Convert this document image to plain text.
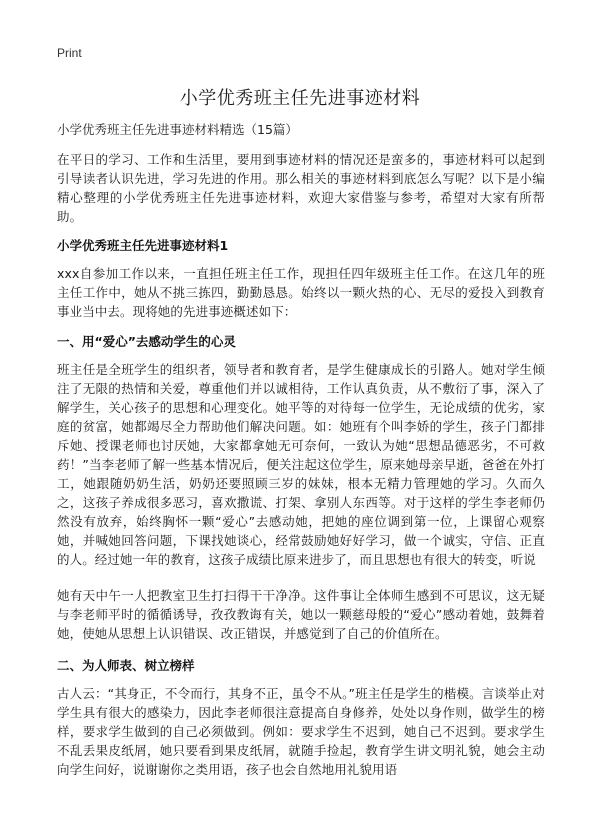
Print
小学优秀班主任先进事迹材料
小学优秀班主任先进事迹材料精选（15篇）
在平日的学习、工作和生活里，要用到事迹材料的情况还是蛮多的，事迹材料可以起到引导读者认识先进，学习先进的作用。那么相关的事迹材料到底怎么写呢？以下是小编精心整理的小学优秀班主任先进事迹材料，欢迎大家借鉴与参考，希望对大家有所帮助。
小学优秀班主任先进事迹材料1
xxx自参加工作以来，一直担任班主任工作，现担任四年级班主任工作。在这几年的班主任工作中，她从不挑三拣四，勤勤恳恳。始终以一颗火热的心、无尽的爱投入到教育事业当中去。现将她的先进事迹概述如下：
一、用“爱心”去感动学生的心灵
班主任是全班学生的组织者，领导者和教育者，是学生健康成长的引路人。她对学生倾注了无限的热情和关爱，尊重他们并以诚相待，工作认真负责，从不敷衍了事，深入了解学生，关心孩子的思想和心理变化。她平等的对待每一位学生，无论成绩的优劣，家庭的贫富，她都竭尽全力帮助他们解决问题。如：她班有个叫李娇的学生，孩子门都排斥她、授课老师也讨厌她，大家都拿她无可奈何，一致认为她“思想品德恶劣，不可救药！”当李老师了解一些基本情况后，便关注起这位学生，原来她母亲早逝，爸爸在外打工，她跟随奶奶生活，奶奶还要照顾三岁的妹妹，根本无精力管理她的学习。久而久之，这孩子养成很多恶习，喜欢撒谎、打架、拿别人东西等。对于这样的学生李老师仍然没有放弃，始终胸怀一颗“爱心”去感动她，把她的座位调到第一位，上课留心观察她，并喊她回答问题，下课找她谈心，经常鼓励她好好学习，做一个诚实，守信、正直的人。经过她一年的教育，这孩子成绩比原来进步了，而且思想也有很大的转变，听说
她有天中午一人把教室卫生打扫得干干净净。这件事让全体师生感到不可思议，这无疑与李老师平时的循循诱导，孜孜教诲有关，她以一颗慈母般的“爱心”感动着她，鼓舞着她，使她从思想上认识错误、改正错误，并感觉到了自己的价值所在。
二、为人师表、树立榜样
古人云：“其身正，不令而行，其身不正，虽令不从。”班主任是学生的楷模。言谈举止对学生具有很大的感染力，因此李老师很注意提高自身修养，处处以身作则，做学生的榜样，要求学生做到的自己必须做到。例如：要求学生不迟到，她自己不迟到。要求学生不乱丢果皮纸屑，她只要看到果皮纸屑，就随手捡起，教育学生讲文明礼貌，她会主动向学生问好，说谢谢你之类用语，孩子也会自然地用礼貌用语
